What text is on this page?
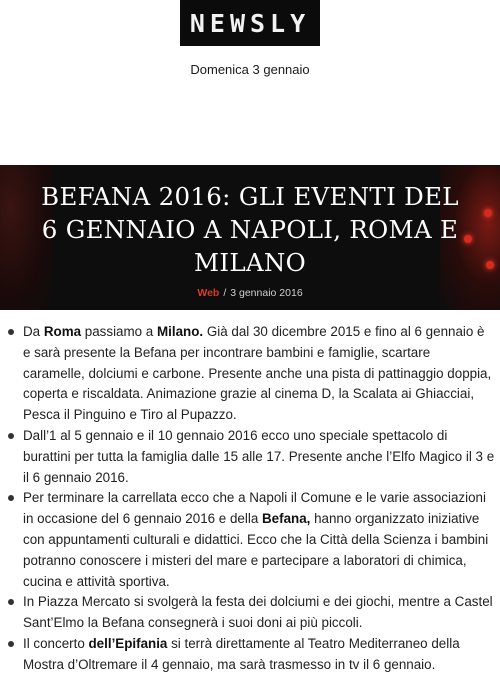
NEWSLY
Domenica 3 gennaio
BEFANA 2016: GLI EVENTI DEL 6 GENNAIO A NAPOLI, ROMA E MILANO
Web / 3 gennaio 2016
Da Roma passiamo a Milano. Già dal 30 dicembre 2015 e fino al 6 gennaio è e sarà presente la Befana per incontrare bambini e famiglie, scartare caramelle, dolciumi e carbone. Presente anche una pista di pattinaggio doppia, coperta e riscaldata. Animazione grazie al cinema D, la Scalata ai Ghiacciai, Pesca il Pinguino e Tiro al Pupazzo.
Dall’1 al 5 gennaio e il 10 gennaio 2016 ecco uno speciale spettacolo di burattini per tutta la famiglia dalle 15 alle 17. Presente anche l’Elfo Magico il 3 e il 6 gennaio 2016.
Per terminare la carrellata ecco che a Napoli il Comune e le varie associazioni in occasione del 6 gennaio 2016 e della Befana, hanno organizzato iniziative con appuntamenti culturali e didattici. Ecco che la Città della Scienza i bambini potranno conoscere i misteri del mare e partecipare a laboratori di chimica, cucina e attività sportiva.
In Piazza Mercato si svolgerà la festa dei dolciumi e dei giochi, mentre a Castel Sant’Elmo la Befana consegnerà i suoi doni ai più piccoli.
Il concerto dell’Epifania si terrà direttamente al Teatro Mediterraneo della Mostra d’Oltremare il 4 gennaio, ma sarà trasmesso in tv il 6 gennaio.
